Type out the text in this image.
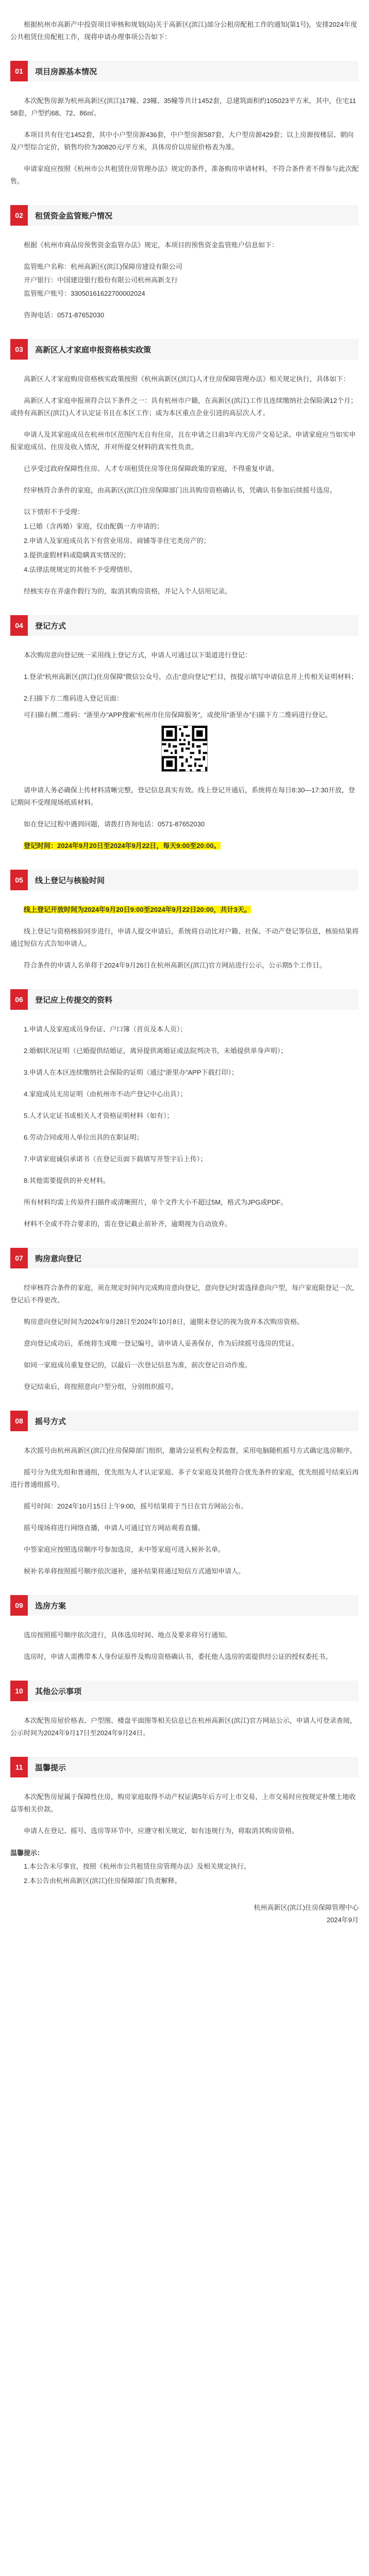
根据杭州市高新产中投资项目审核和规划(局)关于高新区(滨江)部分公租房配租工作的通知(第1号)，安排2024年度公共租赁住房配租工作，现将申请办理事项公告如下：

01	项目房源基本情况

本次配售房源为杭州高新区(滨江)17幢、23幢、35幢等共计1452套，总建筑面积约105023平方米，其中，住宅1158套，户型约68、72、86㎡。

本项目共有住宅1452套，其中小户型房源436套，中户型房源587套，大户型房源429套；以上房源按楼层、朝向及户型综合定价，销售均价为30820元/平方米，具体房价以房屋价格表为准。

申请家庭应按照《杭州市公共租赁住房管理办法》规定的条件，准备购房申请材料，不符合条件者不得参与此次配售。

02	租赁资金监管账户情况

根据《杭州市商品房预售资金监管办法》规定，本项目的预售资金监管账户信息如下：

监管账户名称：杭州高新区(滨江)保障房建设有限公司

开户银行：中国建设银行股份有限公司杭州高新支行

监管账户账号：33050161622700002024

咨询电话：0571-87652030

03	高新区人才家庭申报资格核实政策

高新区人才家庭购房资格核实政策按照《杭州高新区(滨江)人才住房保障管理办法》相关规定执行，具体如下：

高新区人才家庭申报须符合以下条件之一：具有杭州市户籍，在高新区(滨江)工作且连续缴纳社会保险满12个月；或持有高新区(滨江)人才认定证书且在本区工作；或为本区重点企业引进的高层次人才。

申请人及其家庭成员在杭州市区范围内无自有住房，且在申请之日前3年内无房产交易记录。申请家庭应当如实申报家庭成员、住房及收入情况，并对所提交材料的真实性负责。

已享受过政府保障性住房、人才专项租赁住房等住房保障政策的家庭，不得重复申请。

经审核符合条件的家庭，由高新区(滨江)住房保障部门出具购房资格确认书，凭确认书参加后续摇号选房。

以下情形不予受理：

1.已婚（含再婚）家庭，仅由配偶一方申请的；

2.申请人及家庭成员名下有营业用房、商铺等非住宅类房产的；

3.提供虚假材料或隐瞒真实情况的；

4.法律法规规定的其他不予受理情形。

经核实存在弄虚作假行为的，取消其购房资格，并记入个人信用记录。

04	登记方式

本次购房意向登记统一采用线上登记方式，申请人可通过以下渠道进行登记：

1.登录“杭州高新区(滨江)住房保障”微信公众号，点击“意向登记”栏目，按提示填写申请信息并上传相关证明材料；

2.扫描下方二维码进入登记页面：

可扫描右侧二维码：“浙里办”APP搜索“杭州市住房保障服务”，或使用“浙里办”扫描下方二维码进行登记。

请申请人务必确保上传材料清晰完整，登记信息真实有效。线上登记开通后，系统将在每日8:30—17:30开放，登记期间不受理现场纸质材料。

如在登记过程中遇到问题，请拨打咨询电话：0571-87652030

登记时间：2024年9月20日至2024年9月22日，每天9:00至20:00。

05	线上登记与核验时间

线上登记开放时间为2024年9月20日9:00至2024年9月22日20:00，共计3天。

线上登记与资格核验同步进行，申请人提交申请后，系统将自动比对户籍、社保、不动产登记等信息，核验结果将通过短信方式告知申请人。

符合条件的申请人名单将于2024年9月26日在杭州高新区(滨江)官方网站进行公示，公示期5个工作日。

06	登记应上传提交的资料

1.申请人及家庭成员身份证、户口簿（首页及本人页）；

2.婚姻状况证明（已婚提供结婚证，离异提供离婚证或法院判决书，未婚提供单身声明）；

3.申请人在本区连续缴纳社会保险的证明（通过“浙里办”APP下载打印）；

4.家庭成员无房证明（由杭州市不动产登记中心出具）；

5.人才认定证书或相关人才资格证明材料（如有）；

6.劳动合同或用人单位出具的在职证明；

7.申请家庭诚信承诺书（在登记页面下载填写并签字后上传）；

8.其他需要提供的补充材料。

所有材料均需上传原件扫描件或清晰照片，单个文件大小不超过5M，格式为JPG或PDF。

材料不全或不符合要求的，需在登记截止前补齐，逾期视为自动放弃。

07	购房意向登记

经审核符合条件的家庭，须在规定时间内完成购房意向登记，意向登记时需选择意向户型，每户家庭限登记一次，登记后不得更改。

购房意向登记时间为2024年9月28日至2024年10月8日，逾期未登记的视为放弃本次购房资格。

意向登记成功后，系统将生成唯一登记编号，请申请人妥善保存，作为后续摇号选房的凭证。

如同一家庭成员重复登记的，以最后一次登记信息为准，前次登记自动作废。

登记结束后，将按照意向户型分组，分别组织摇号。

08	摇号方式

本次摇号由杭州高新区(滨江)住房保障部门组织，邀请公证机构全程监督，采用电脑随机摇号方式确定选房顺序。

摇号分为优先组和普通组，优先组为人才认定家庭、多子女家庭及其他符合优先条件的家庭，优先组摇号结束后再进行普通组摇号。

摇号时间：2024年10月15日上午9:00，摇号结果将于当日在官方网站公布。

摇号现场将进行网络直播，申请人可通过官方网站观看直播。

中签家庭应按照选房顺序号参加选房，未中签家庭可进入候补名单。

候补名单将按照摇号顺序依次递补，递补结果将通过短信方式通知申请人。

09	选房方案

选房按照摇号顺序依次进行，具体选房时间、地点及要求将另行通知。

选房时，申请人需携带本人身份证原件及购房资格确认书，委托他人选房的需提供经公证的授权委托书。

10	其他公示事项

本次配售房屋价格表、户型图、楼盘平面图等相关信息已在杭州高新区(滨江)官方网站公示，申请人可登录查阅，公示时间为2024年9月17日至2024年9月24日。

11	温馨提示

本次配售房屋属于保障性住房，购房家庭取得不动产权证满5年后方可上市交易，上市交易时应按规定补缴土地收益等相关价款。

申请人在登记、摇号、选房等环节中，应遵守相关规定，如有违规行为，将取消其购房资格。

温馨提示：

1.本公告未尽事宜，按照《杭州市公共租赁住房管理办法》及相关规定执行。

2.本公告由杭州高新区(滨江)住房保障部门负责解释。

杭州高新区(滨江)住房保障管理中心
2024年9月
